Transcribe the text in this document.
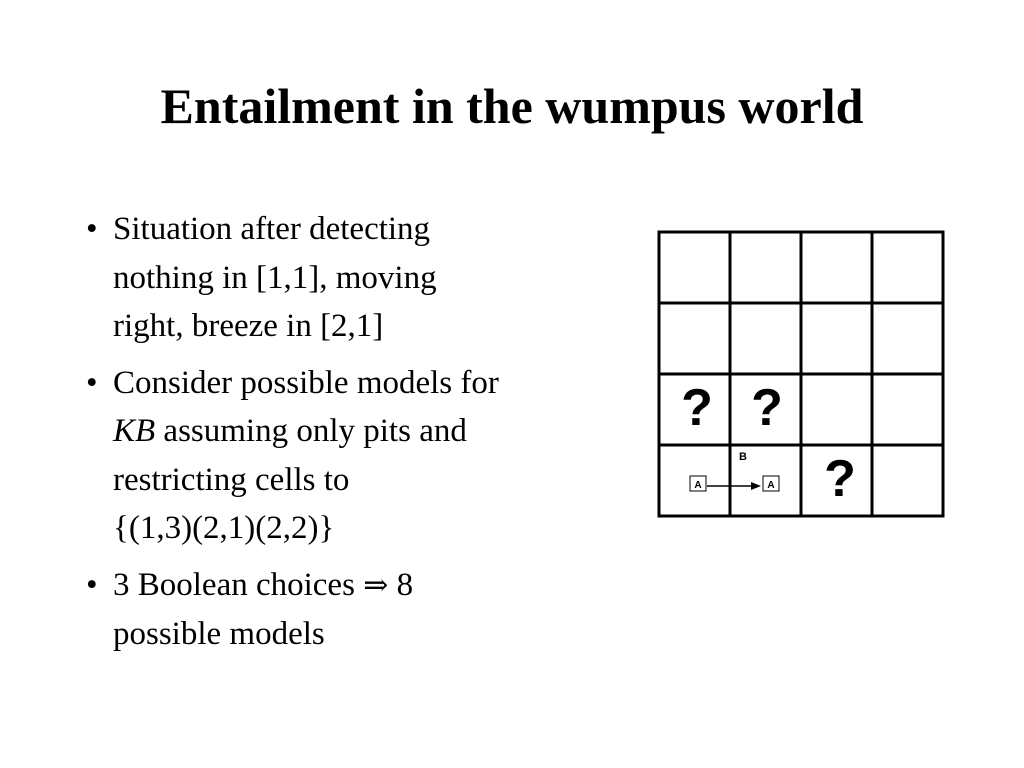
Entailment in the wumpus world
• Situation after detecting
nothing in [1,1], moving
right, breeze in [2,1]
• Consider possible models for
KB assuming only pits and
restricting cells to
{(1,3)(2,1)(2,2)}
• 3 Boolean choices ⇒ 8
possible models
? ?
?
B
A	A
